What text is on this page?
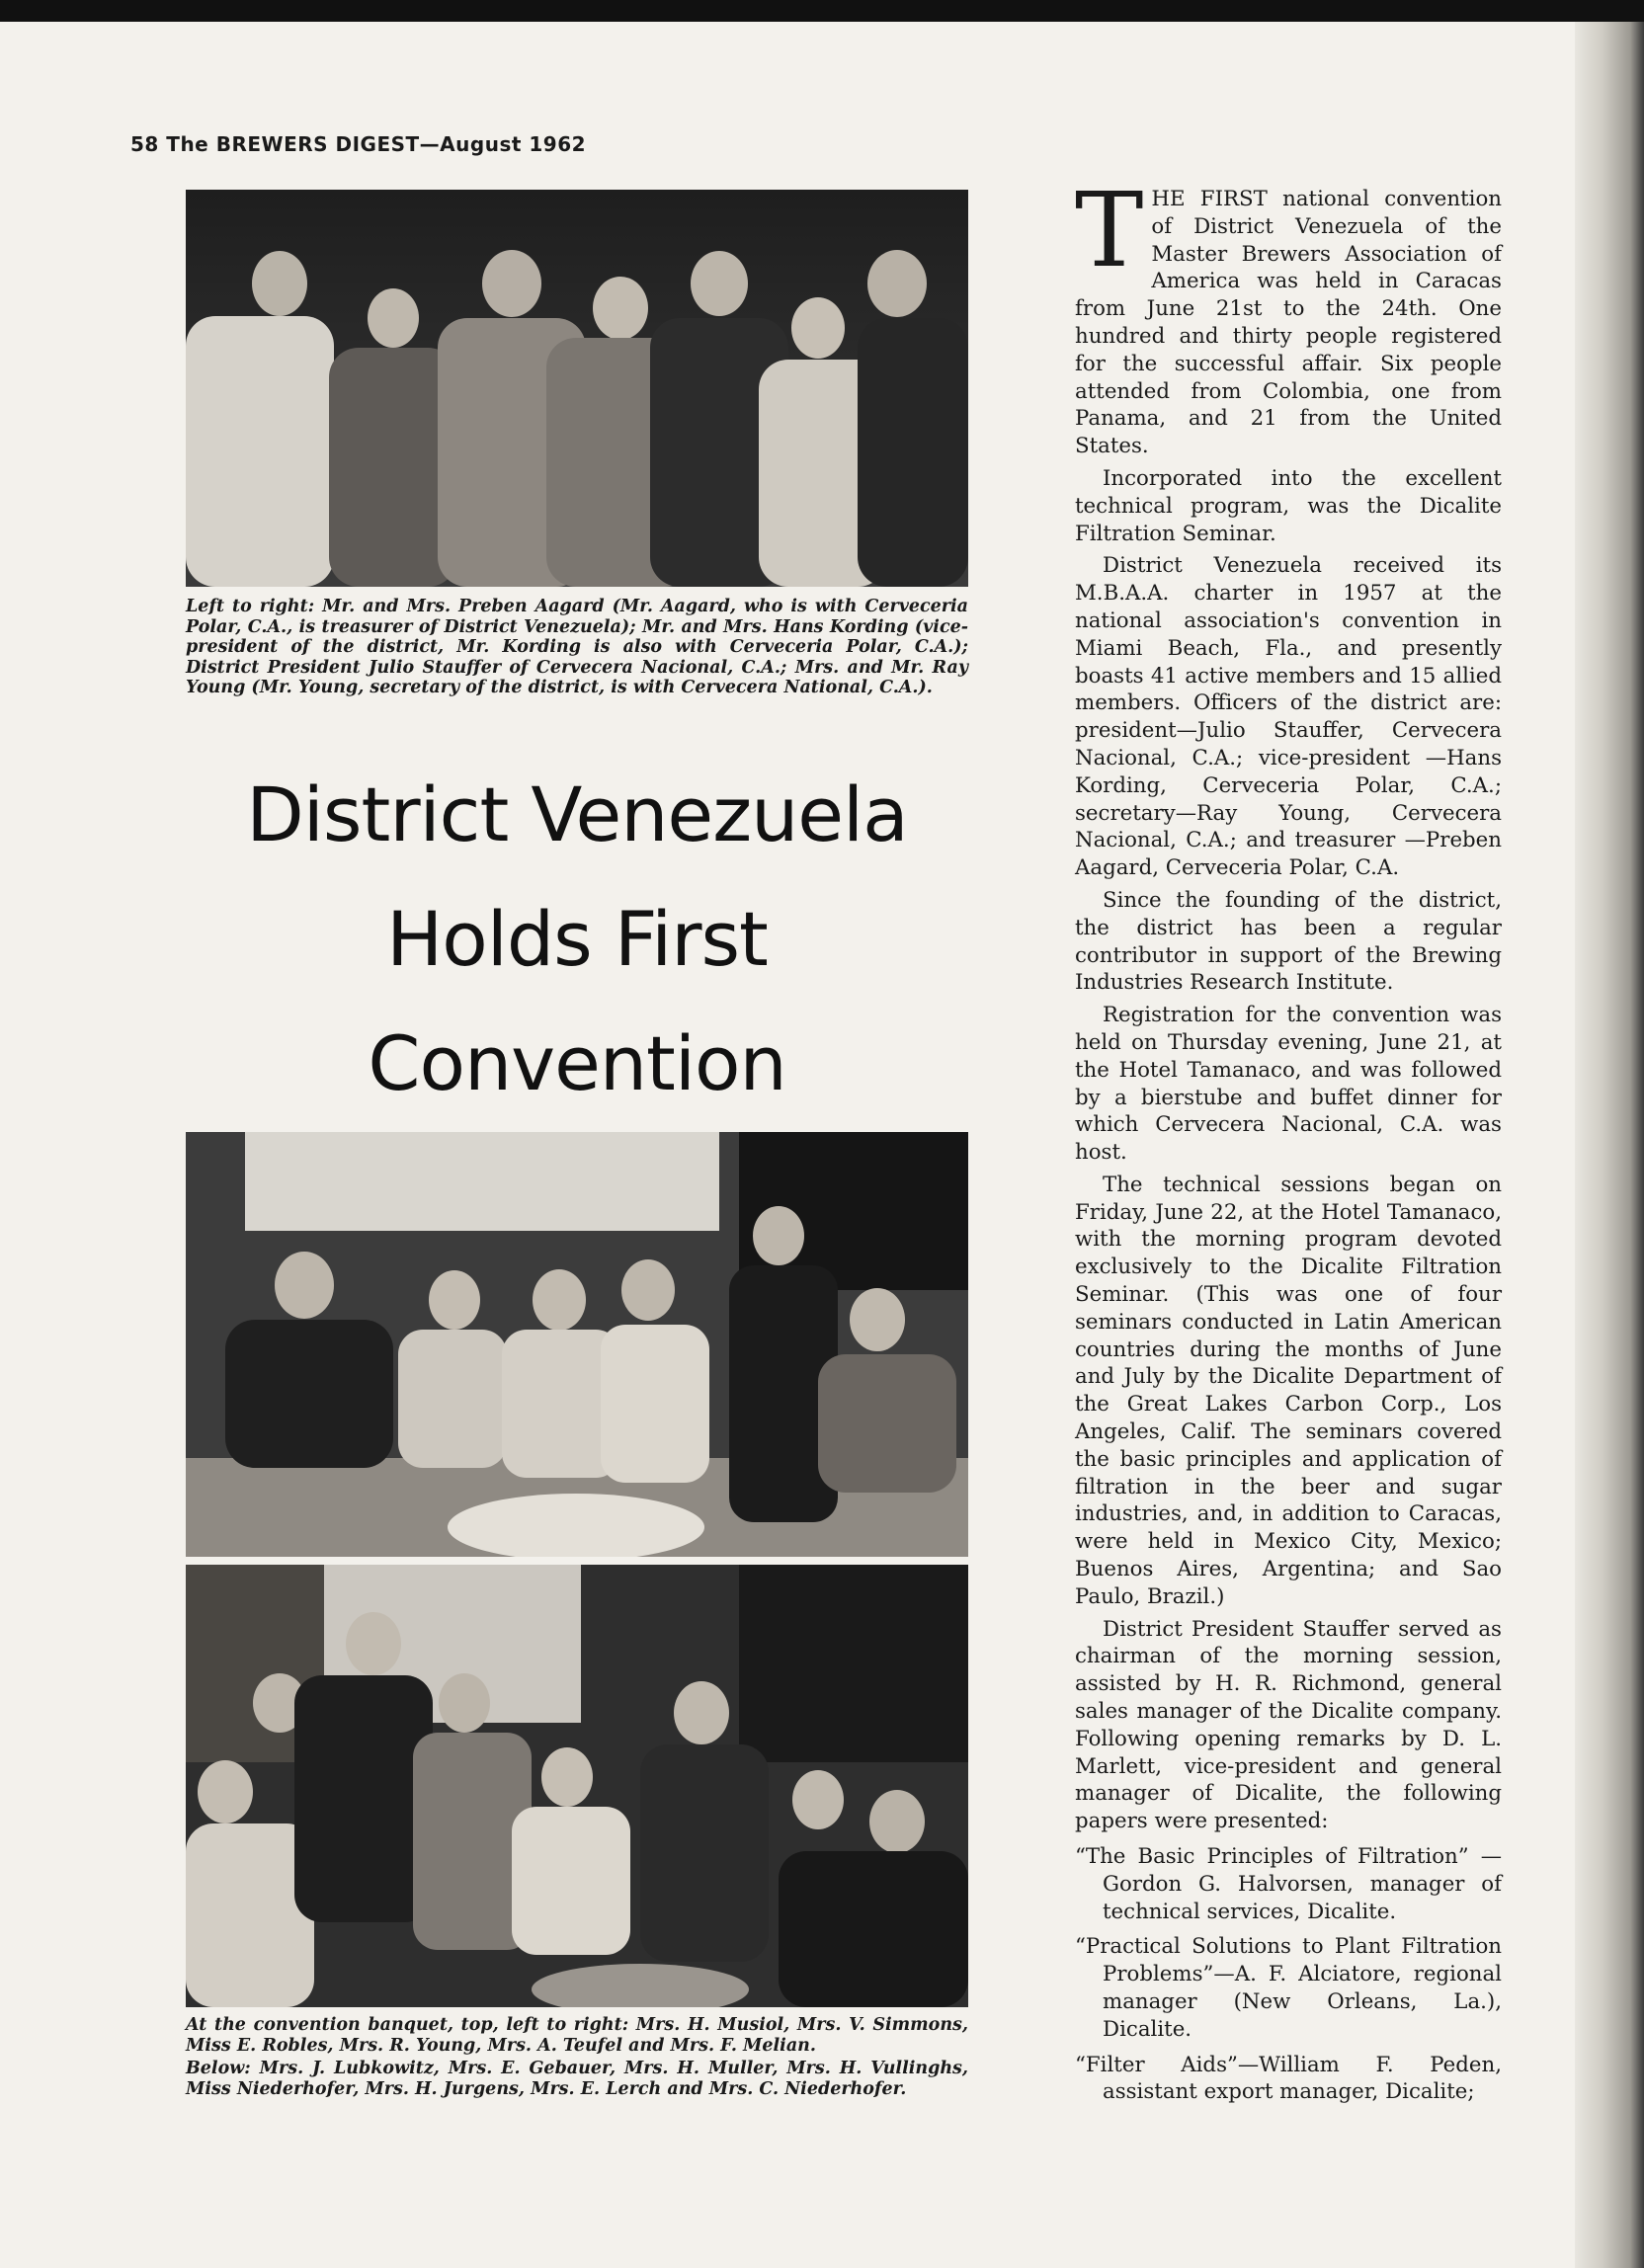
58 The BREWERS DIGEST—August 1962

Left to right: Mr. and Mrs. Preben Aagard (Mr. Aagard, who is with Cerveceria Polar, C.A., is treasurer of District Venezuela); Mr. and Mrs. Hans Kording (vice-president of the district, Mr. Kording is also with Cerveceria Polar, C.A.); District President Julio Stauffer of Cervecera Nacional, C.A.; Mrs. and Mr. Ray Young (Mr. Young, secretary of the district, is with Cervecera National, C.A.).

District Venezuela
Holds First
Convention

At the convention banquet, top, left to right: Mrs. H. Musiol, Mrs. V. Simmons, Miss E. Robles, Mrs. R. Young, Mrs. A. Teufel and Mrs. F. Melian.

Below: Mrs. J. Lubkowitz, Mrs. E. Gebauer, Mrs. H. Muller, Mrs. H. Vullinghs, Miss Niederhofer, Mrs. H. Jurgens, Mrs. E. Lerch and Mrs. C. Niederhofer.

THE FIRST national convention of District Venezuela of the Master Brewers Association of America was held in Caracas from June 21st to the 24th. One hundred and thirty people registered for the successful affair. Six people attended from Colombia, one from Panama, and 21 from the United States.

Incorporated into the excellent technical program, was the Dicalite Filtration Seminar.

District Venezuela received its M.B.A.A. charter in 1957 at the national association's convention in Miami Beach, Fla., and presently boasts 41 active members and 15 allied members. Officers of the district are: president—Julio Stauffer, Cervecera Nacional, C.A.; vice-president —Hans Kording, Cerveceria Polar, C.A.; secretary—Ray Young, Cervecera Nacional, C.A.; and treasurer —Preben Aagard, Cerveceria Polar, C.A.

Since the founding of the district, the district has been a regular contributor in support of the Brewing Industries Research Institute.

Registration for the convention was held on Thursday evening, June 21, at the Hotel Tamanaco, and was followed by a bierstube and buffet dinner for which Cervecera Nacional, C.A. was host.

The technical sessions began on Friday, June 22, at the Hotel Tamanaco, with the morning program devoted exclusively to the Dicalite Filtration Seminar. (This was one of four seminars conducted in Latin American countries during the months of June and July by the Dicalite Department of the Great Lakes Carbon Corp., Los Angeles, Calif. The seminars covered the basic principles and application of filtration in the beer and sugar industries, and, in addition to Caracas, were held in Mexico City, Mexico; Buenos Aires, Argentina; and Sao Paulo, Brazil.)

District President Stauffer served as chairman of the morning session, assisted by H. R. Richmond, general sales manager of the Dicalite company. Following opening remarks by D. L. Marlett, vice-president and general manager of Dicalite, the following papers were presented:

“The Basic Principles of Filtration” —Gordon G. Halvorsen, manager of technical services, Dicalite.

“Practical Solutions to Plant Filtration Problems”—A. F. Alciatore, regional manager (New Orleans, La.), Dicalite.

“Filter Aids”—William F. Peden, assistant export manager, Dicalite;
